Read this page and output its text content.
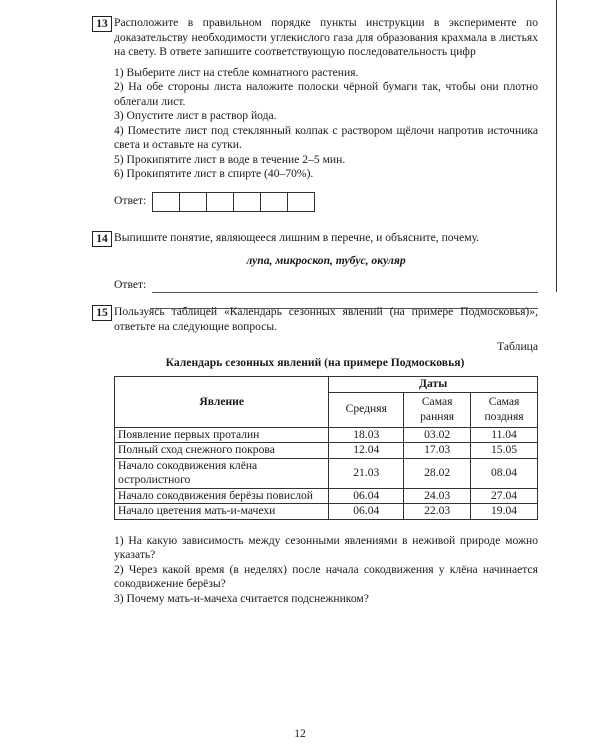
13 Расположите в правильном порядке пункты инструкции в эксперименте по доказательству необходимости углекислого газа для образования крахмала в листьях на свету. В ответе запишите соответствующую последовательность цифр
1) Выберите лист на стебле комнатного растения.
2) На обе стороны листа наложите полоски чёрной бумаги так, чтобы они плотно облегали лист.
3) Опустите лист в раствор йода.
4) Поместите лист под стеклянный колпак с раствором щёлочи напротив источника света и оставьте на сутки.
5) Прокипятите лист в воде в течение 2–5 мин.
6) Прокипятите лист в спирте (40–70%).
Ответ:
14 Выпишите понятие, являющееся лишним в перечне, и объясните, почему.
лупа, микроскоп, тубус, окуляр
Ответ:
15 Пользуясь таблицей «Календарь сезонных явлений (на примере Подмосковья)», ответьте на следующие вопросы.
Таблица
Календарь сезонных явлений (на примере Подмосковья)
Явление	Даты		
	Средняя	Самая ранняя	Самая поздняя
Появление первых проталин	18.03	03.02	11.04
Полный сход снежного покрова	12.04	17.03	15.05
Начало сокодвижения клёна остролистного	21.03	28.02	08.04
Начало сокодвижения берёзы повислой	06.04	24.03	27.04
Начало цветения мать-и-мачехи	06.04	22.03	19.04
1) На какую зависимость между сезонными явлениями в неживой природе можно указать?
2) Через какой время (в неделях) после начала сокодвижения у клёна начинается сокодвижение берёзы?
3) Почему мать-и-мачеха считается подснежником?
12
